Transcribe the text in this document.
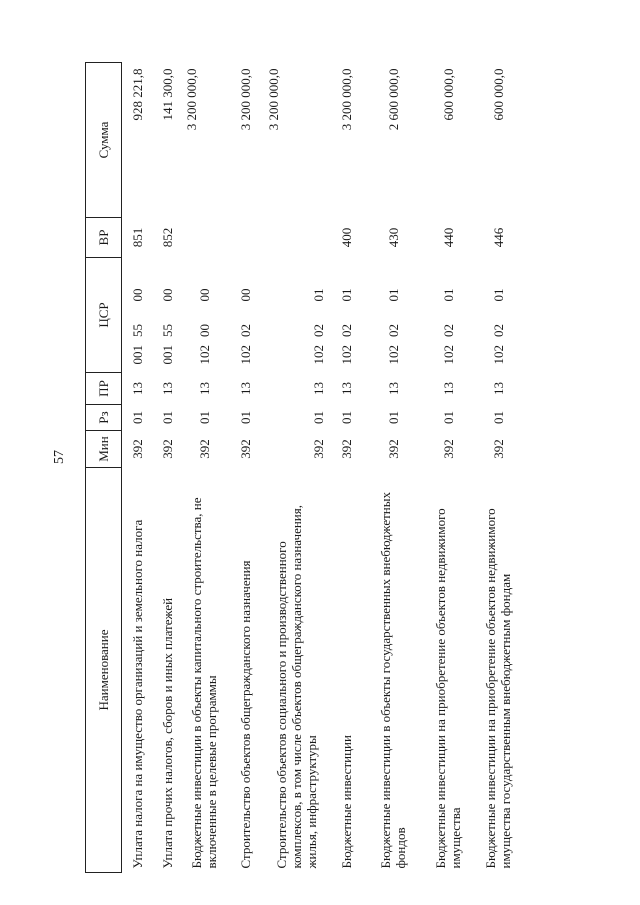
57
Наименование	Мин	Рз	ПР	ЦСР	ВР	Сумма
Уплата налога на имущество организаций и земельного налога	392	01	13	0015500	851	928 221,8
Уплата прочих налогов, сборов и иных платежей	392	01	13	0015500	852	141 300,0
Бюджетные инвестиции в объекты капитального строительства, не включенные в целевые программы	392	01	13	1020000		3 200 000,0
Строительство объектов общегражданского назначения	392	01	13	1020200		3 200 000,0
Строительство объектов социального и производственного комплексов, в том числе объектов общегражданского назначения, жилья, инфраструктуры	392	01	13	1020201		3 200 000,0
Бюджетные инвестиции	392	01	13	1020201	400	3 200 000,0
Бюджетные инвестиции в объекты государственных внебюджетных фондов	392	01	13	1020201	430	2 600 000,0
Бюджетные инвестиции на приобретение объектов недвижимого имущества	392	01	13	1020201	440	600 000,0
Бюджетные инвестиции на приобретение объектов недвижимого имущества государственным внебюджетным фондам	392	01	13	1020201	446	600 000,0
